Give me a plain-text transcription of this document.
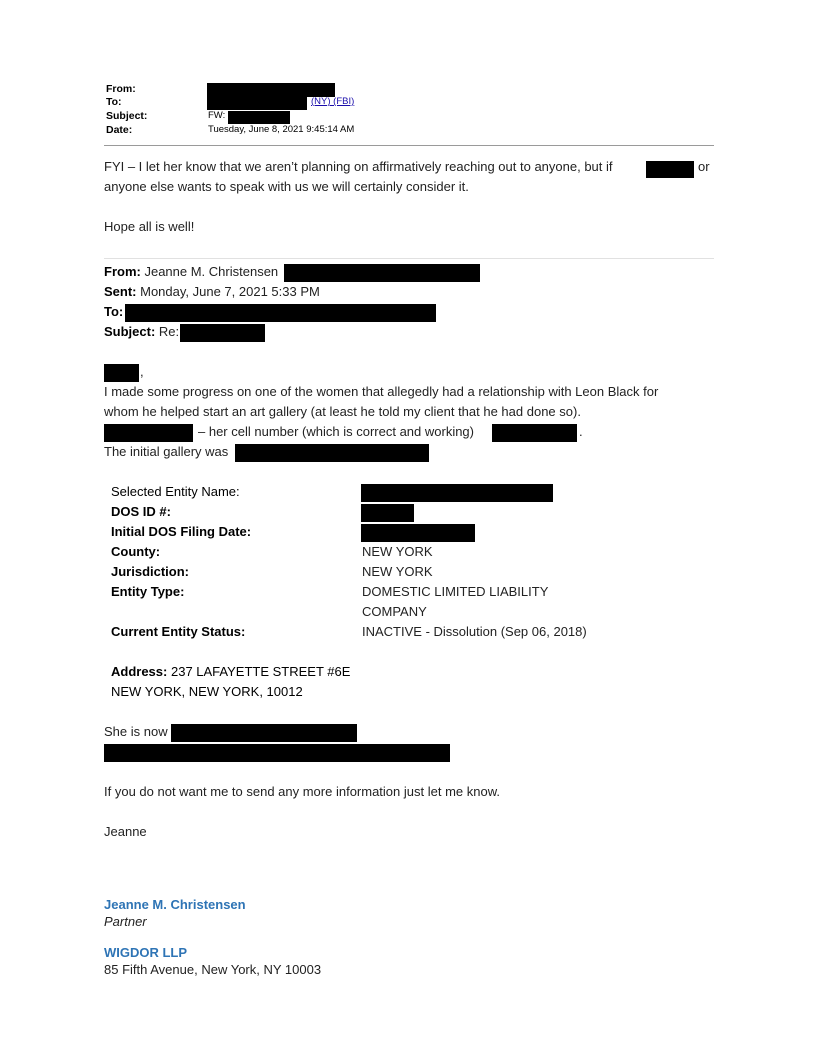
From:
To:	(NY) (FBI)
Subject:	FW:
Date:	Tuesday, June 8, 2021 9:45:14 AM
FYI – I let her know that we aren’t planning on affirmatively reaching out to anyone, but if	or
anyone else wants to speak with us we will certainly consider it.
Hope all is well!
From: Jeanne M. Christensen
Sent: Monday, June 7, 2021 5:33 PM
To:
Subject: Re:
,
I made some progress on one of the women that allegedly had a relationship with Leon Black for
whom he helped start an art gallery (at least he told my client that he had done so).
– her cell number (which is correct and working)	.
The initial gallery was
Selected Entity Name:
DOS ID #:
Initial DOS Filing Date:
County:	NEW YORK
Jurisdiction:	NEW YORK
Entity Type:	DOMESTIC LIMITED LIABILITY
COMPANY
Current Entity Status:	INACTIVE - Dissolution (Sep 06, 2018)
Address: 237 LAFAYETTE STREET #6E
NEW YORK, NEW YORK, 10012
She is now
If you do not want me to send any more information just let me know.
Jeanne
Jeanne M. Christensen
Partner
WIGDOR LLP
85 Fifth Avenue, New York, NY 10003
